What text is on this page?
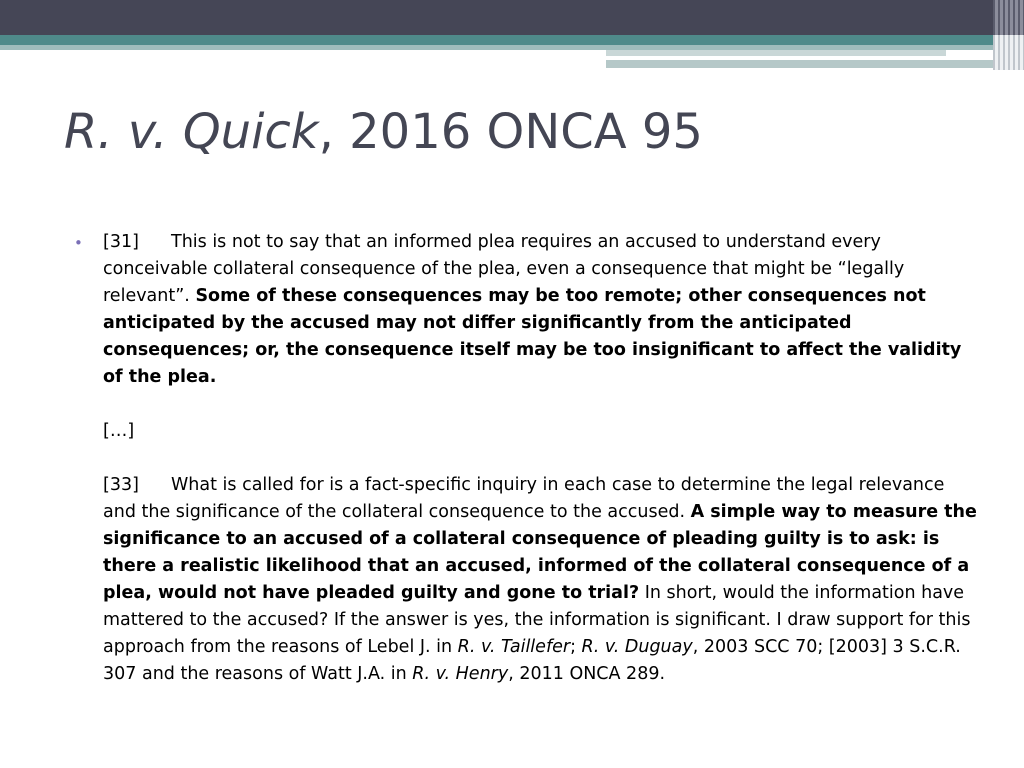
R. v. Quick, 2016 ONCA 95
• [31] This is not to say that an informed plea requires an accused to understand every conceivable collateral consequence of the plea, even a consequence that might be “legally relevant”. Some of these consequences may be too remote; other consequences not anticipated by the accused may not differ significantly from the anticipated consequences; or, the consequence itself may be too insignificant to affect the validity of the plea.

[…]

[33] What is called for is a fact-specific inquiry in each case to determine the legal relevance and the significance of the collateral consequence to the accused. A simple way to measure the significance to an accused of a collateral consequence of pleading guilty is to ask: is there a realistic likelihood that an accused, informed of the collateral consequence of a plea, would not have pleaded guilty and gone to trial? In short, would the information have mattered to the accused? If the answer is yes, the information is significant. I draw support for this approach from the reasons of Lebel J. in R. v. Taillefer; R. v. Duguay, 2003 SCC 70; [2003] 3 S.C.R. 307 and the reasons of Watt J.A. in R. v. Henry, 2011 ONCA 289.
